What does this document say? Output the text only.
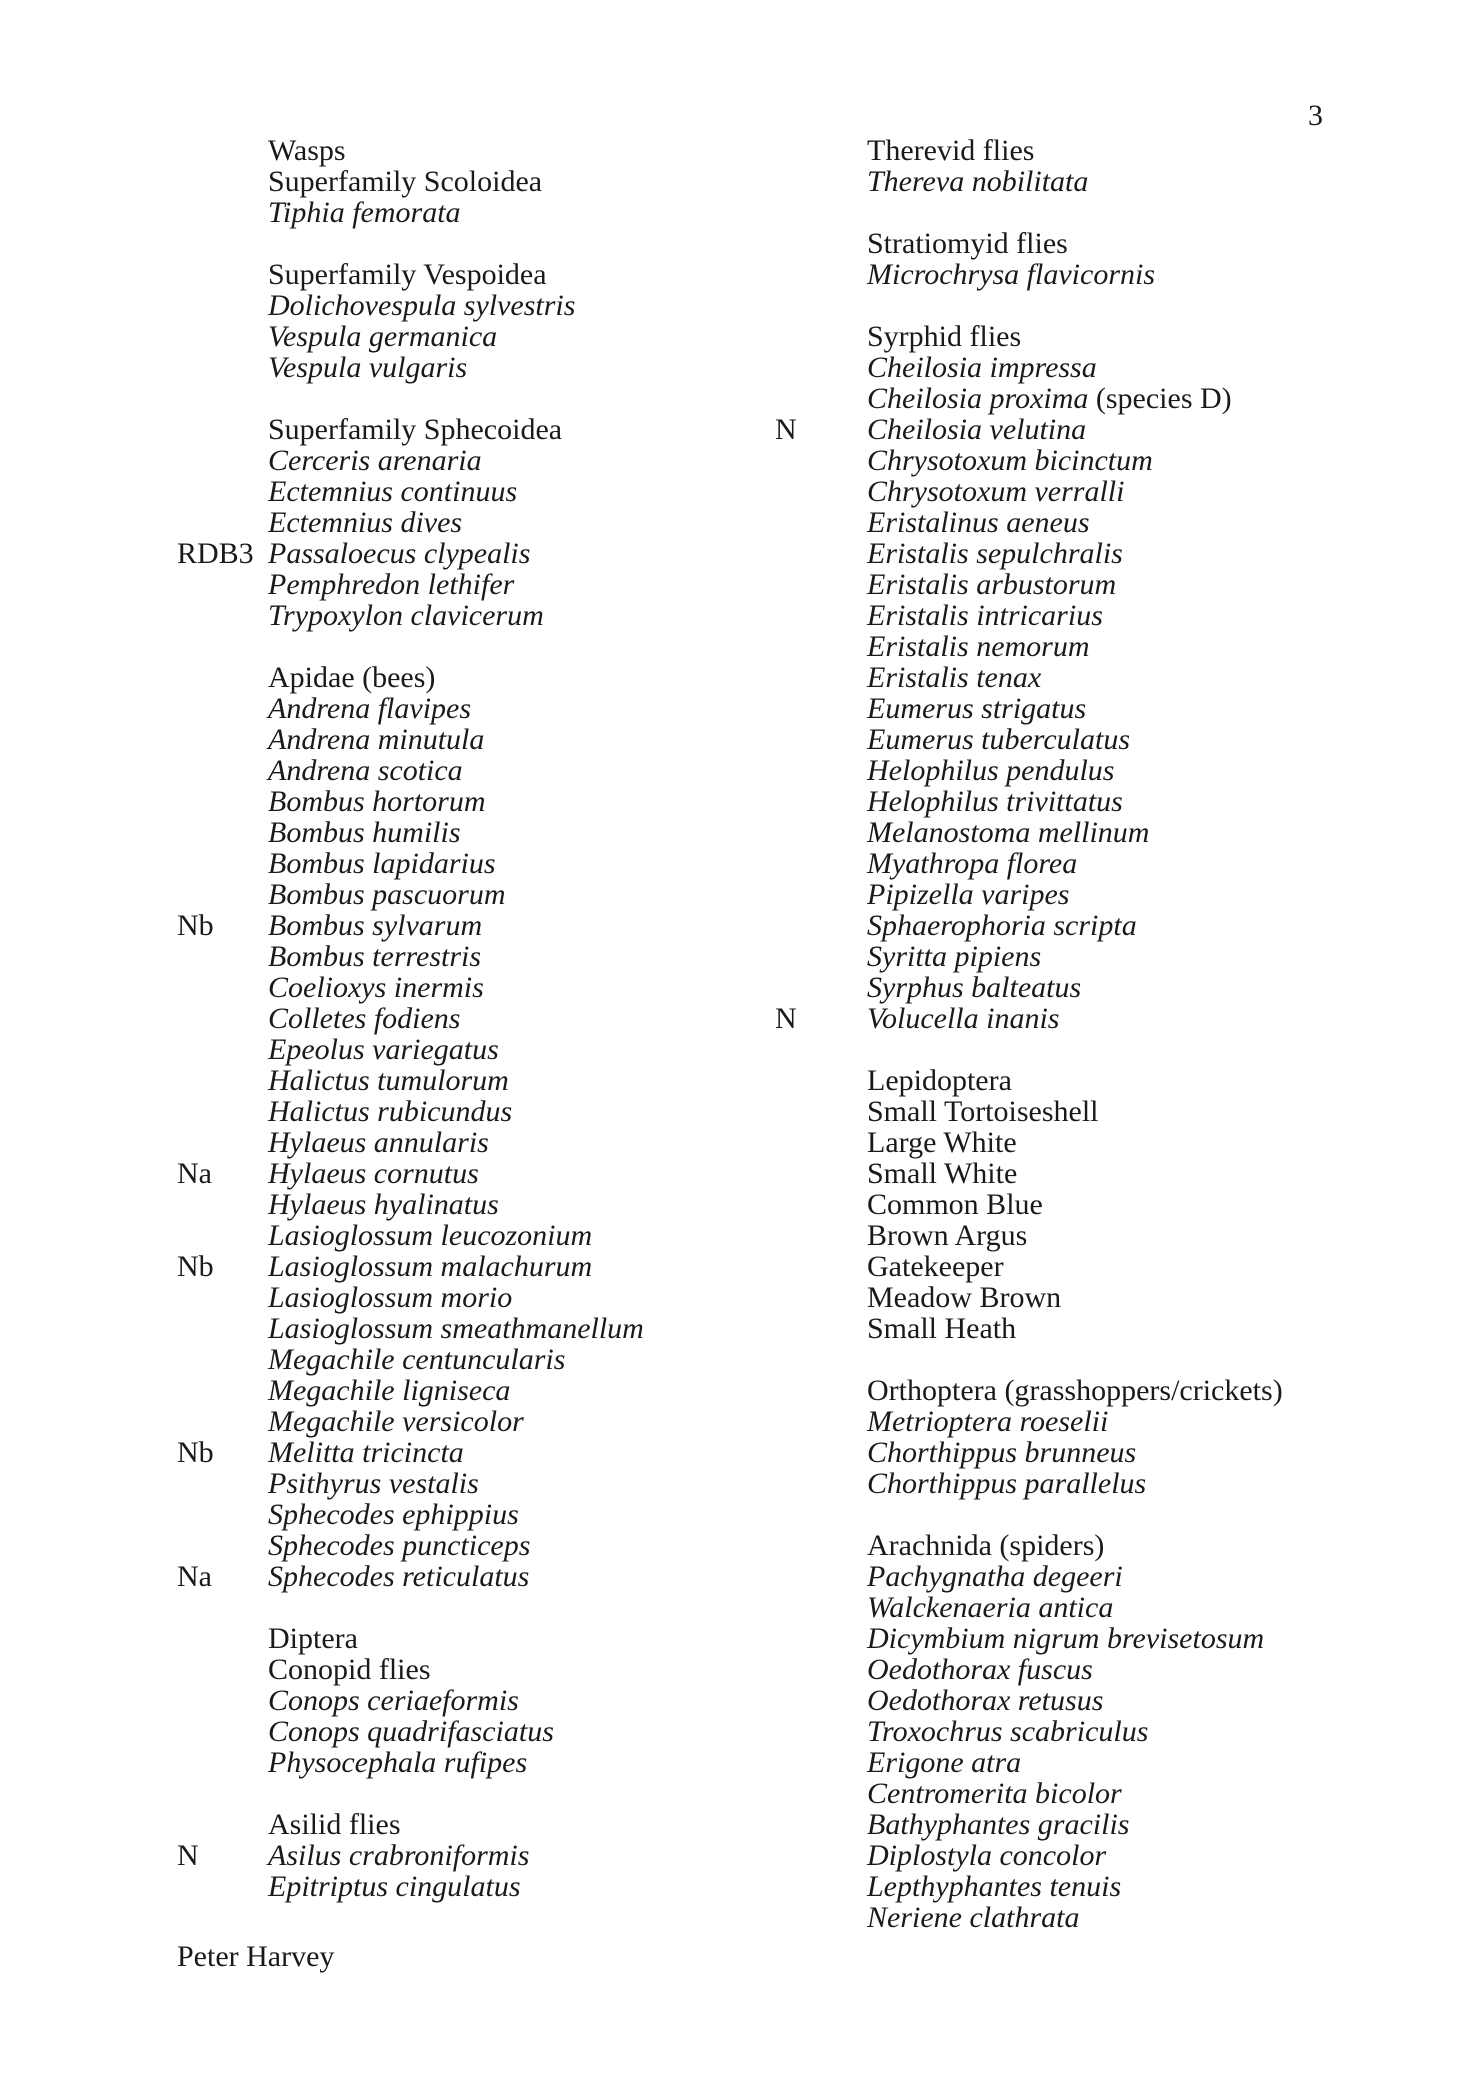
3
Wasps
Superfamily Scoloidea
Tiphia femorata
Superfamily Vespoidea
Dolichovespula sylvestris
Vespula germanica
Vespula vulgaris
Superfamily Sphecoidea
Cerceris arenaria
Ectemnius continuus
Ectemnius dives
RDB3 Passaloecus clypealis
Pemphredon lethifer
Trypoxylon clavicerum
Apidae (bees)
Andrena flavipes
Andrena minutula
Andrena scotica
Bombus hortorum
Bombus humilis
Bombus lapidarius
Bombus pascuorum
Nb Bombus sylvarum
Bombus terrestris
Coelioxys inermis
Colletes fodiens
Epeolus variegatus
Halictus tumulorum
Halictus rubicundus
Hylaeus annularis
Na Hylaeus cornutus
Hylaeus hyalinatus
Lasioglossum leucozonium
Nb Lasioglossum malachurum
Lasioglossum morio
Lasioglossum smeathmanellum
Megachile centuncularis
Megachile ligniseca
Megachile versicolor
Nb Melitta tricincta
Psithyrus vestalis
Sphecodes ephippius
Sphecodes puncticeps
Na Sphecodes reticulatus
Diptera
Conopid flies
Conops ceriaeformis
Conops quadrifasciatus
Physocephala rufipes
Asilid flies
N Asilus crabroniformis
Epitriptus cingulatus
Therevid flies
Thereva nobilitata
Stratiomyid flies
Microchrysa flavicornis
Syrphid flies
Cheilosia impressa
Cheilosia proxima (species D)
N Cheilosia velutina
Chrysotoxum bicinctum
Chrysotoxum verralli
Eristalinus aeneus
Eristalis sepulchralis
Eristalis arbustorum
Eristalis intricarius
Eristalis nemorum
Eristalis tenax
Eumerus strigatus
Eumerus tuberculatus
Helophilus pendulus
Helophilus trivittatus
Melanostoma mellinum
Myathropa florea
Pipizella varipes
Sphaerophoria scripta
Syritta pipiens
Syrphus balteatus
N Volucella inanis
Lepidoptera
Small Tortoiseshell
Large White
Small White
Common Blue
Brown Argus
Gatekeeper
Meadow Brown
Small Heath
Orthoptera (grasshoppers/crickets)
Metrioptera roeselii
Chorthippus brunneus
Chorthippus parallelus
Arachnida (spiders)
Pachygnatha degeeri
Walckenaeria antica
Dicymbium nigrum brevisetosum
Oedothorax fuscus
Oedothorax retusus
Troxochrus scabriculus
Erigone atra
Centromerita bicolor
Bathyphantes gracilis
Diplostyla concolor
Lepthyphantes tenuis
Neriene clathrata
Peter Harvey
